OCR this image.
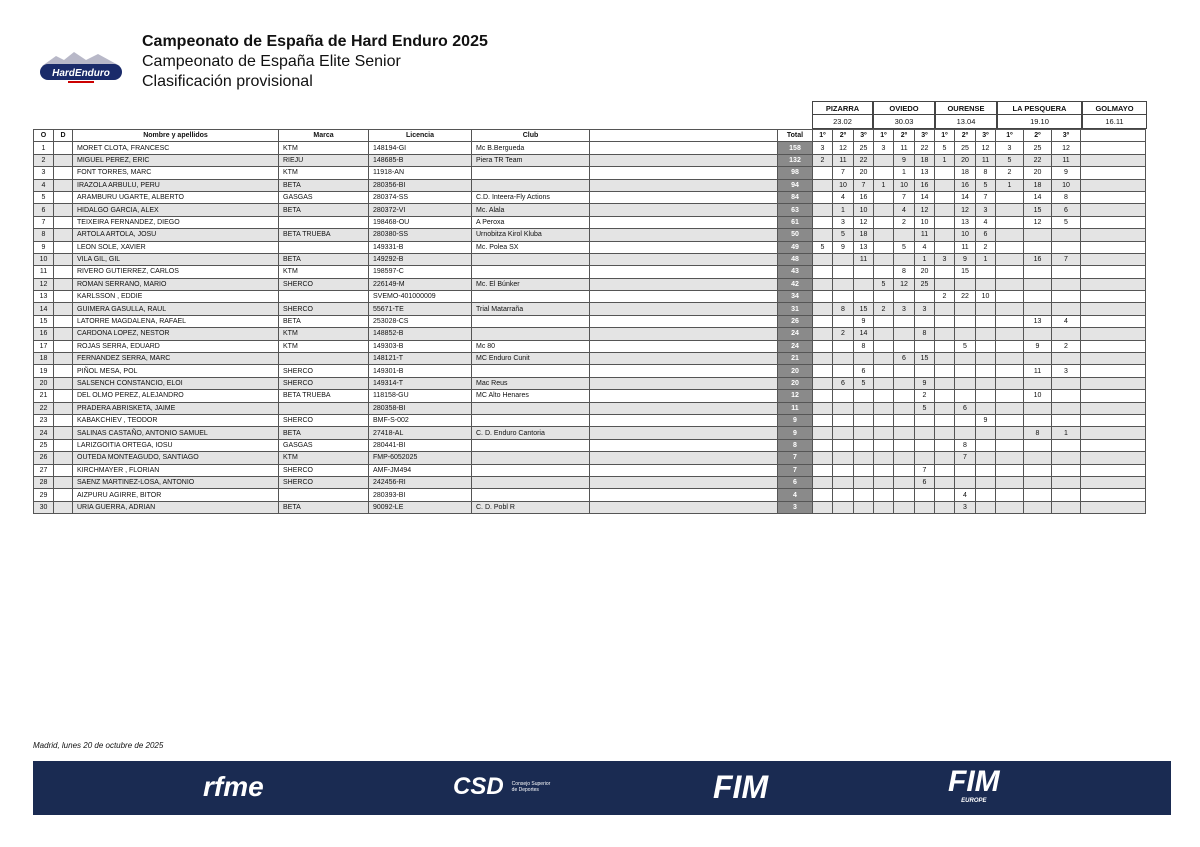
HardEnduro
Campeonato de España de Hard Enduro 2025
Campeonato de España Elite Senior
Clasificación provisional
PIZARRA
23.02
OVIEDO
30.03
OURENSE
13.04
LA PESQUERA
19.10
GOLMAYO
16.11
O	D	Nombre y apellidos	Marca	Licencia	Club		Total	1º	2º	3º	1º	2º	3º	1º	2º	3º	1º	2º	3º	
1		MORET CLOTA, FRANCESC	KTM	148194-GI	Mc B.Bergueda		158	3	12	25	3	11	22	5	25	12	3	25	12	
2		MIGUEL PEREZ, ERIC	RIEJU	148685-B	Piera TR Team		132	2	11	22		9	18	1	20	11	5	22	11	
3		FONT TORRES, MARC	KTM	11918-AN			98		7	20		1	13		18	8	2	20	9	
4		IRAZOLA ARBULU, PERU	BETA	280356-BI			94		10	7	1	10	16		16	5	1	18	10	
5		ARAMBURU UGARTE, ALBERTO	GASGAS	280374-SS	C.D. Inteera-Fly Actions		84		4	16		7	14		14	7		14	8	
6		HIDALGO GARCIA, ALEX	BETA	280372-VI	Mc. Alala		63		1	10		4	12		12	3		15	6	
7		TEIXEIRA FERNANDEZ, DIEGO		198468-OU	A Peroxa		61		3	12		2	10		13	4		12	5	
8		ARTOLA ARTOLA, JOSU	BETA TRUEBA	280380-SS	Urnobitza Kirol Kluba		50		5	18			11		10	6				
9		LEON SOLE, XAVIER		149331-B	Mc. Polea SX		49	5	9	13		5	4		11	2				
10		VILA GIL, GIL	BETA	149292-B			48			11			1	3	9	1		16	7	
11		RIVERO GUTIERREZ, CARLOS	KTM	198597-C			43					8	20		15					
12		ROMAN SERRANO, MARIO	SHERCO	226149-M	Mc. El Búnker		42				5	12	25							
13		KARLSSON , EDDIE		SVEMO-401000009			34							2	22	10				
14		GUIMERA GASULLA, RAUL	SHERCO	55671-TE	Trial Matarraña		31		8	15	2	3	3							
15		LATORRE MAGDALENA, RAFAEL	BETA	253028-CS			26			9								13	4	
16		CARDONA LOPEZ, NESTOR	KTM	148852-B			24		2	14			8							
17		ROJAS SERRA, EDUARD	KTM	149303-B	Mc 80		24			8					5			9	2	
18		FERNANDEZ SERRA, MARC		148121-T	MC Enduro Cunit		21					6	15							
19		PIÑOL MESA, POL	SHERCO	149301-B			20			6								11	3	
20		SALSENCH CONSTANCIO, ELOI	SHERCO	149314-T	Mac Reus		20		6	5			9							
21		DEL OLMO PEREZ, ALEJANDRO	BETA TRUEBA	118158-GU	MC Alto Henares		12						2					10		
22		PRADERA ABRISKETA, JAIME		280358-BI			11						5		6					
23		KABAKCHIEV , TEODOR	SHERCO	BMF-S-002			9									9				
24		SALINAS CASTAÑO, ANTONIO SAMUEL	BETA	27418-AL	C. D. Enduro Cantoria		9											8	1	
25		LARIZGOITIA ORTEGA, IOSU	GASGAS	280441-BI			8								8					
26		OUTEDA MONTEAGUDO, SANTIAGO	KTM	FMP-6052025			7								7					
27		KIRCHMAYER , FLORIAN	SHERCO	AMF-JM494			7						7							
28		SAENZ MARTINEZ-LOSA, ANTONIO	SHERCO	242456-RI			6						6							
29		AIZPURU AGIRRE, BITOR		280393-BI			4								4					
30		URIA GUERRA, ADRIAN	BETA	90092-LE	C. D. Pobl R		3								3					
Madrid, lunes 20 de octubre de 2025
rfme	CSD Consejo Superior de Deportes	FIM	FIM
EUROPE
